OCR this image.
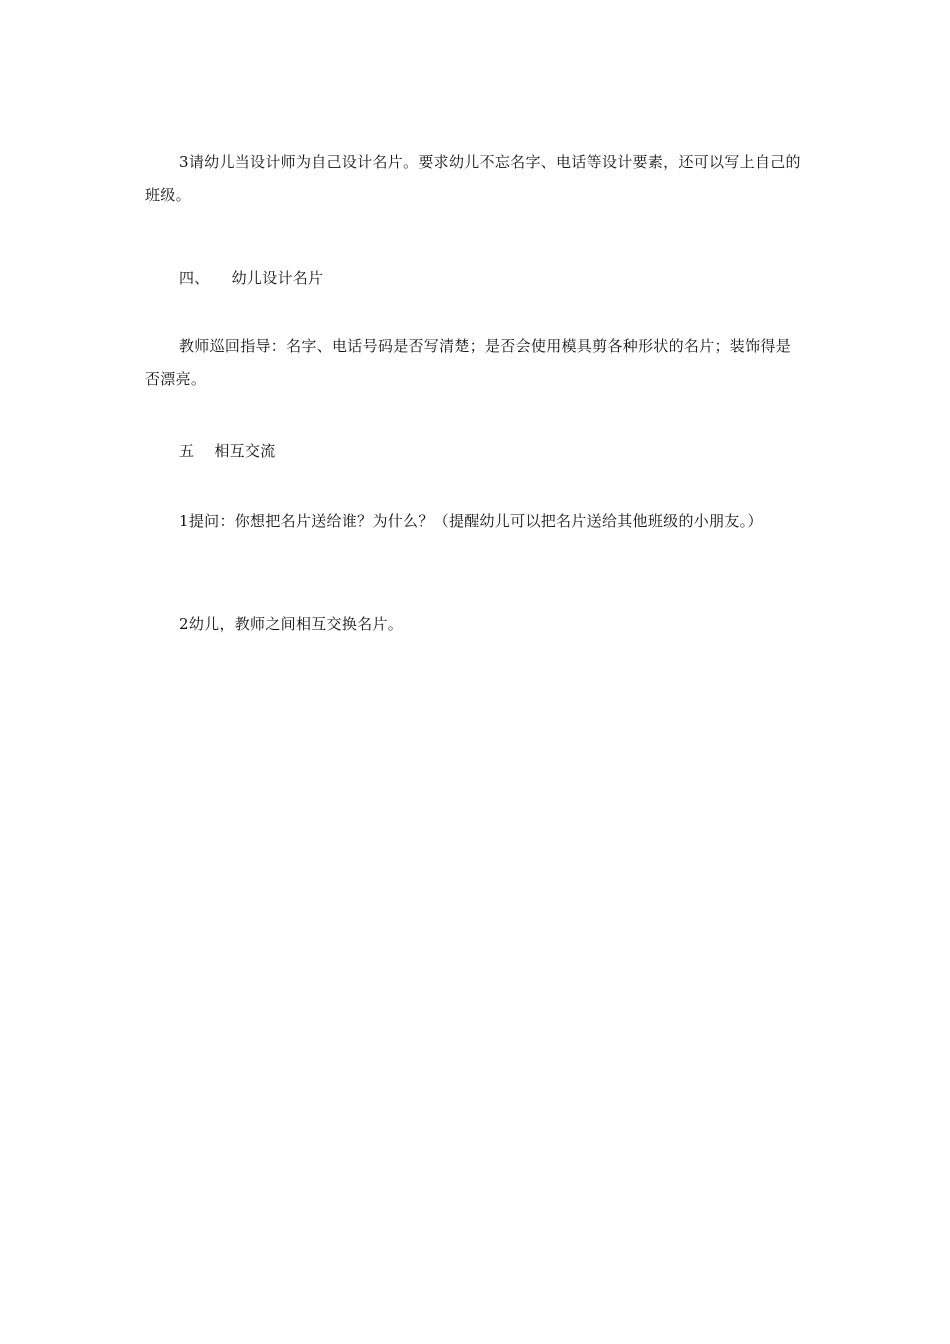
3请幼儿当设计师为自己设计名片。要求幼儿不忘名字、电话等设计要素，还可以写上自己的班级。

四、 幼儿设计名片

教师巡回指导：名字、电话号码是否写清楚；是否会使用模具剪各种形状的名片；装饰得是否漂亮。

五 相互交流

1提问：你想把名片送给谁？为什么？（提醒幼儿可以把名片送给其他班级的小朋友。）

2幼儿，教师之间相互交换名片。
